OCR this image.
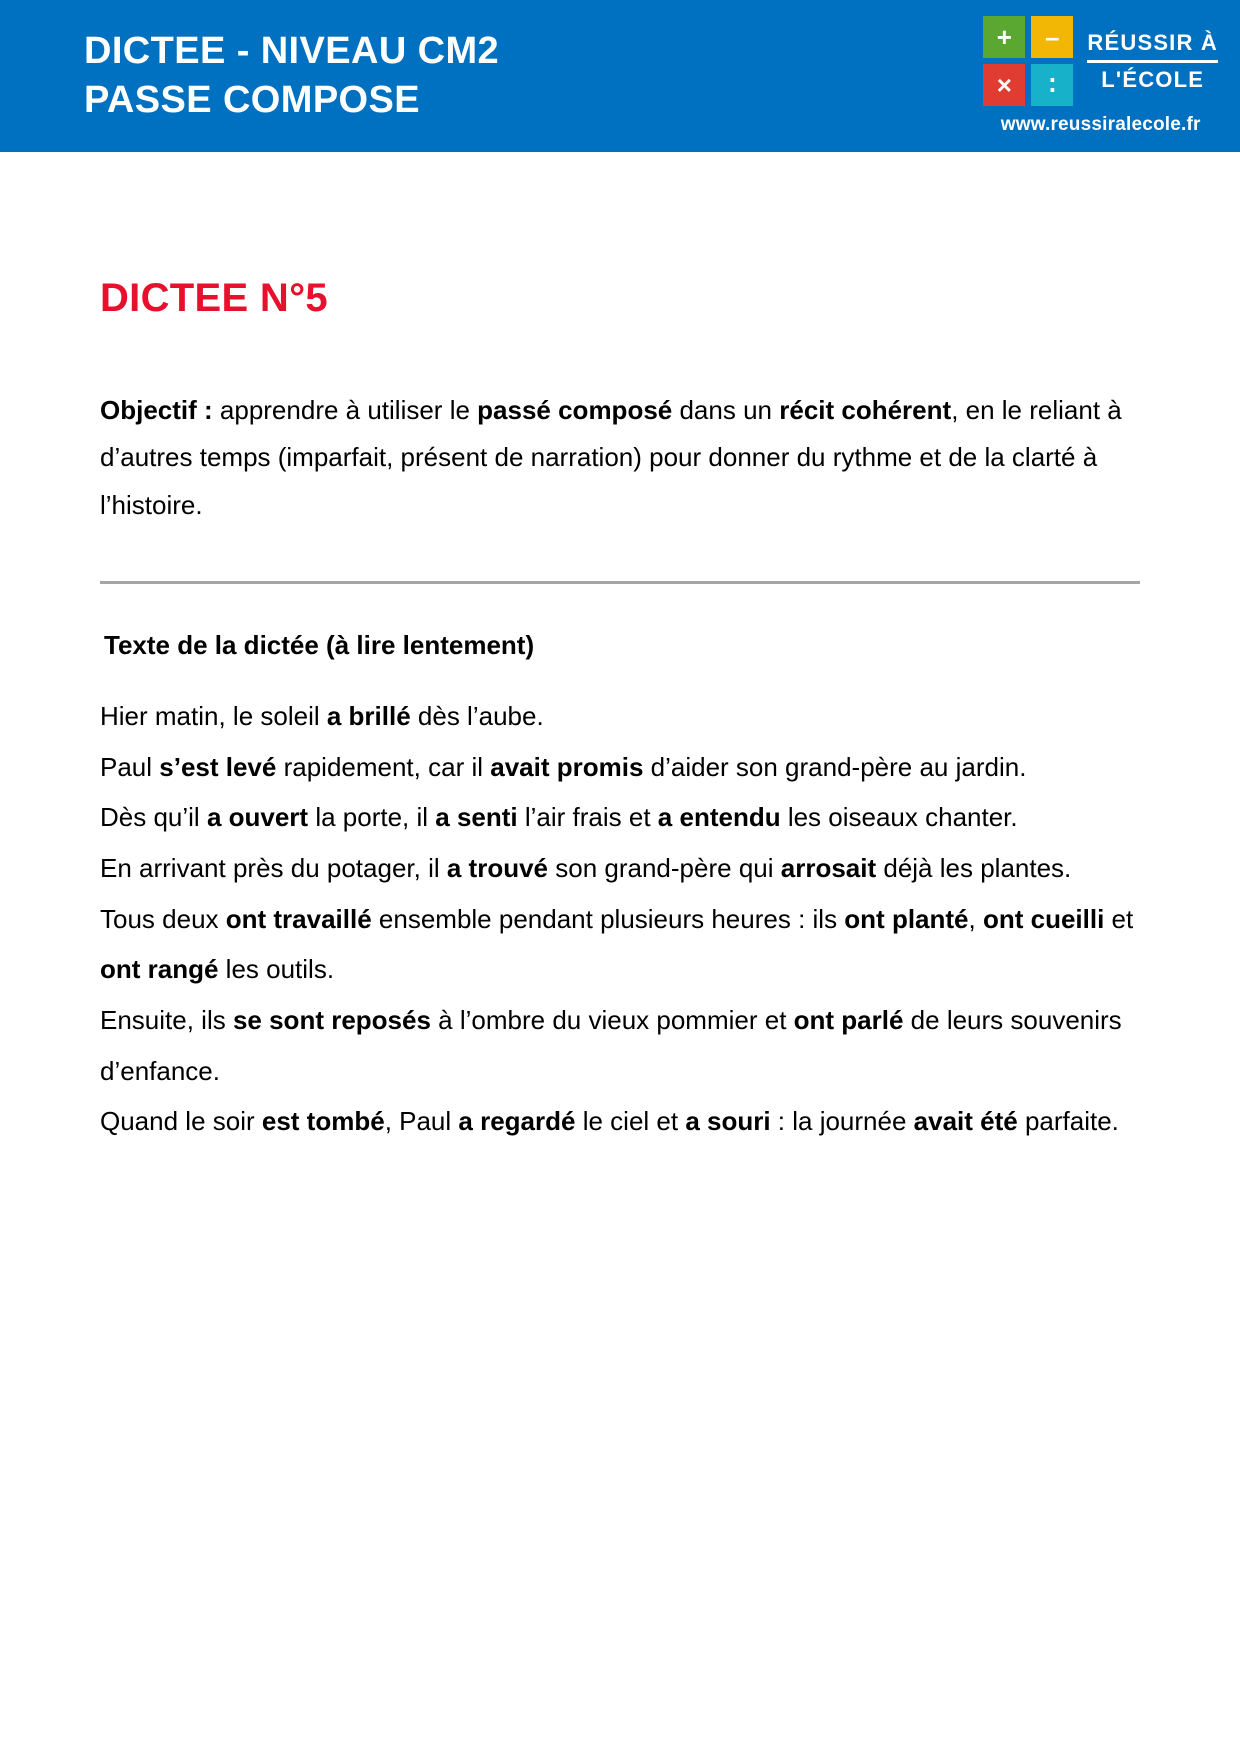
DICTEE - NIVEAU CM2
PASSE COMPOSE
+	–
×	∶
RÉUSSIR À
L'ÉCOLE
www.reussiralecole.fr
DICTEE N°5
Objectif : apprendre à utiliser le passé composé dans un récit cohérent, en le reliant à d’autres temps (imparfait, présent de narration) pour donner du rythme et de la clarté à l’histoire.
Texte de la dictée (à lire lentement)

Hier matin, le soleil a brillé dès l’aube.

Paul s’est levé rapidement, car il avait promis d’aider son grand-père au jardin.

Dès qu’il a ouvert la porte, il a senti l’air frais et a entendu les oiseaux chanter.

En arrivant près du potager, il a trouvé son grand-père qui arrosait déjà les plantes.

Tous deux ont travaillé ensemble pendant plusieurs heures : ils ont planté, ont cueilli et ont rangé les outils.

Ensuite, ils se sont reposés à l’ombre du vieux pommier et ont parlé de leurs souvenirs d’enfance.

Quand le soir est tombé, Paul a regardé le ciel et a souri : la journée avait été parfaite.
